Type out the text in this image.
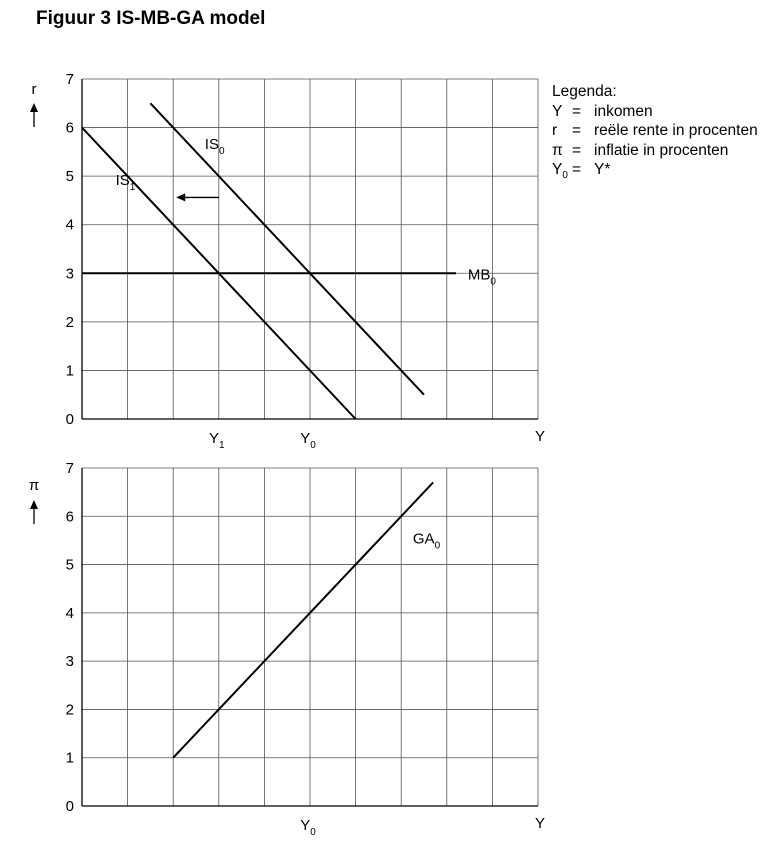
Figuur 3 IS-MB-GA model
0
1
2
3
4
5
6
7
r
Y
$Y_1$	$Y_0$
$IS_0$
$IS_1$
$MB_0$
0
1
2
3
4
5
6
7
π
Y
$Y_0$
$GA_0$
Legenda:
Y = inkomen
r = reële rente in procenten
π = inflatie in procenten
$Y_0 = Y*$
